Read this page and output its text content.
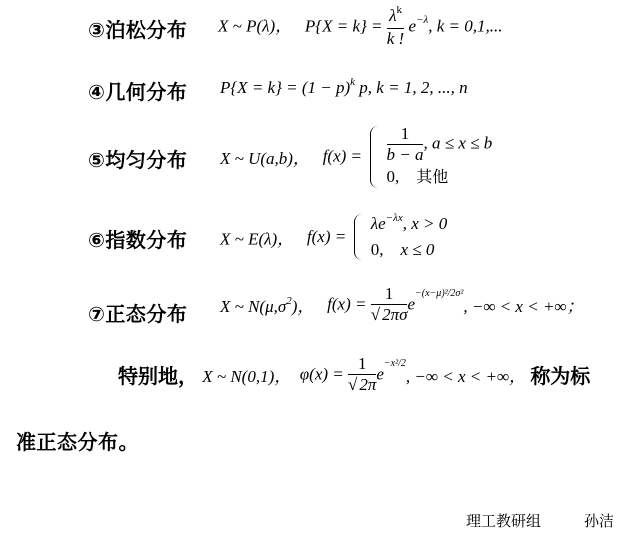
③泊松分布 X ~ P(λ)， $P\{X = k\} = \frac{\lambda^k}{k !} e^{-\lambda}$, k = 0,1,...
④几何分布 $P\{X = k\} = (1 - p)^k$ p, k = 1, 2, ..., n
⑤均匀分布 X ~ U(a,b)， $f(x) = \frac{1}{b - a}$ , a ≤ x ≤ b
0, 其他
⑥指数分布 X ~ E(λ)， f(x) =
$\lambda e^{-\lambda x}$, x > 0
0, x ≤ 0
⑦正态分布 X ~ $N(\mu,\sigma^2)$， $f(x) = \frac{1}{√ 2\pi\sigma} e^{-(x-\mu)^2/2\sigma^2}$, −∞ < x < +∞；
特别地， X ~ N(0,1)， $\varphi(x) = \frac{1}{√ 2\pi} e^{-x^2/2}$, −∞ < x < +∞， 称为标
准正态分布。
理工教研组	孙洁
